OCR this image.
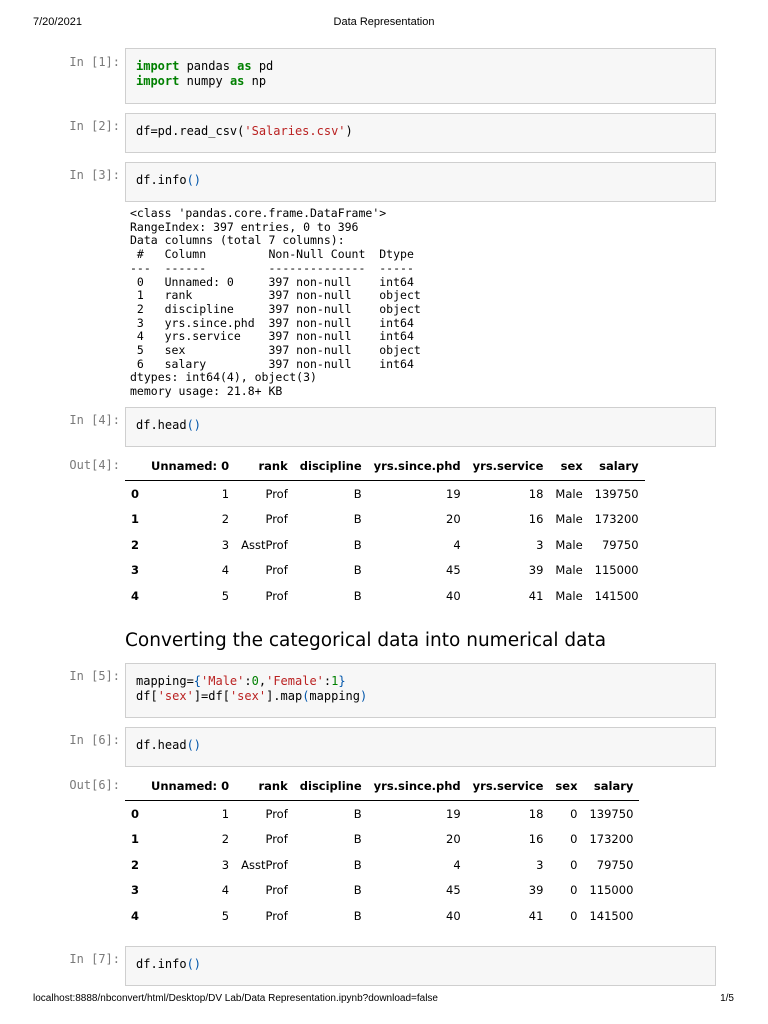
7/20/2021	Data Representation
In [1]:	import pandas as pd
import numpy as np
In [2]:	df=pd.read_csv('Salaries.csv')
In [3]:	df.info()
<class 'pandas.core.frame.DataFrame'>
RangeIndex: 397 entries, 0 to 396
Data columns (total 7 columns):
#   Column         Non-Null Count  Dtype
---  ------         --------------  -----
0   Unnamed: 0     397 non-null    int64
1   rank           397 non-null    object
2   discipline     397 non-null    object
3   yrs.since.phd  397 non-null    int64
4   yrs.service    397 non-null    int64
5   sex            397 non-null    object
6   salary         397 non-null    int64
dtypes: int64(4), object(3)
memory usage: 21.8+ KB
In [4]:	df.head()
Out[4]:
		Unnamed: 0	rank	discipline	yrs.since.phd	yrs.service	sex	salary
0	1	Prof	B	19	18	Male	139750
1	2	Prof	B	20	16	Male	173200
2	3	AsstProf	B	4	3	Male	79750
3	4	Prof	B	45	39	Male	115000
4	5	Prof	B	40	41	Male	141500
Converting the categorical data into numerical data
In [5]:	mapping={'Male':0,'Female':1}
df['sex']=df['sex'].map(mapping)
In [6]:	df.head()
Out[6]:
		Unnamed: 0	rank	discipline	yrs.since.phd	yrs.service	sex	salary
0	1	Prof	B	19	18	0	139750
1	2	Prof	B	20	16	0	173200
2	3	AsstProf	B	4	3	0	79750
3	4	Prof	B	45	39	0	115000
4	5	Prof	B	40	41	0	141500
In [7]:	df.info()
localhost:8888/nbconvert/html/Desktop/DV Lab/Data Representation.ipynb?download=false	1/5
